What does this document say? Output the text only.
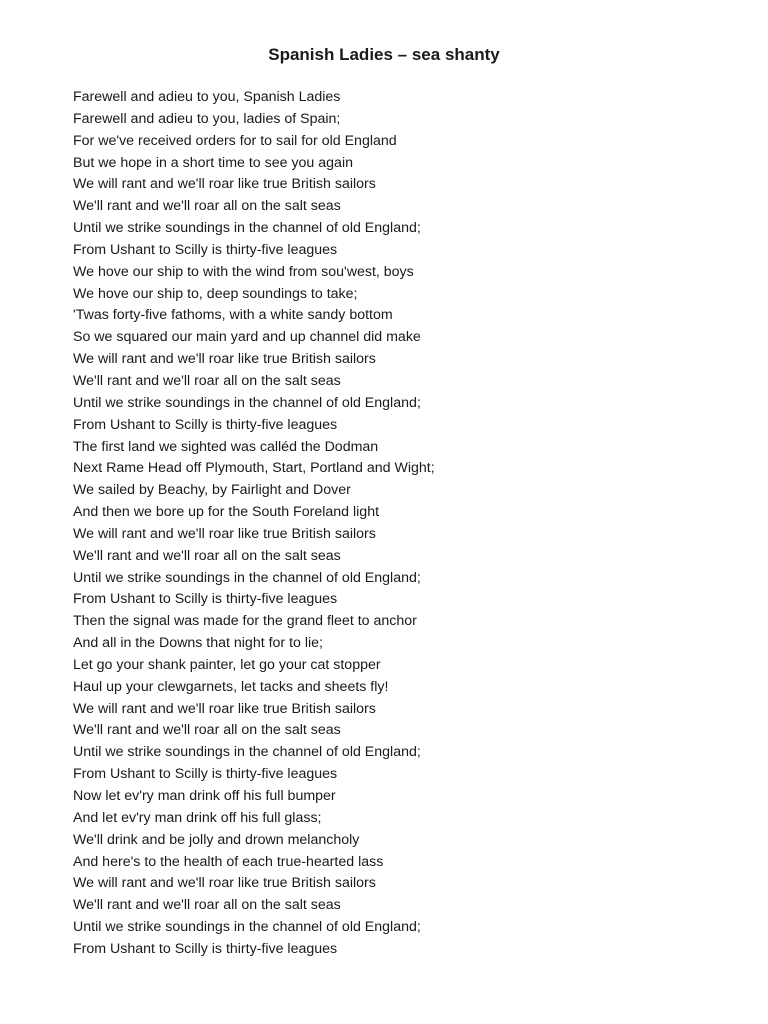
Spanish Ladies – sea shanty
Farewell and adieu to you, Spanish Ladies
Farewell and adieu to you, ladies of Spain;
For we've received orders for to sail for old England
But we hope in a short time to see you again
We will rant and we'll roar like true British sailors
We'll rant and we'll roar all on the salt seas
Until we strike soundings in the channel of old England;
From Ushant to Scilly is thirty-five leagues
We hove our ship to with the wind from sou'west, boys
We hove our ship to, deep soundings to take;
'Twas forty-five fathoms, with a white sandy bottom
So we squared our main yard and up channel did make
We will rant and we'll roar like true British sailors
We'll rant and we'll roar all on the salt seas
Until we strike soundings in the channel of old England;
From Ushant to Scilly is thirty-five leagues
The first land we sighted was calléd the Dodman
Next Rame Head off Plymouth, Start, Portland and Wight;
We sailed by Beachy, by Fairlight and Dover
And then we bore up for the South Foreland light
We will rant and we'll roar like true British sailors
We'll rant and we'll roar all on the salt seas
Until we strike soundings in the channel of old England;
From Ushant to Scilly is thirty-five leagues
Then the signal was made for the grand fleet to anchor
And all in the Downs that night for to lie;
Let go your shank painter, let go your cat stopper
Haul up your clewgarnets, let tacks and sheets fly!
We will rant and we'll roar like true British sailors
We'll rant and we'll roar all on the salt seas
Until we strike soundings in the channel of old England;
From Ushant to Scilly is thirty-five leagues
Now let ev'ry man drink off his full bumper
And let ev'ry man drink off his full glass;
We'll drink and be jolly and drown melancholy
And here's to the health of each true-hearted lass
We will rant and we'll roar like true British sailors
We'll rant and we'll roar all on the salt seas
Until we strike soundings in the channel of old England;
From Ushant to Scilly is thirty-five leagues
